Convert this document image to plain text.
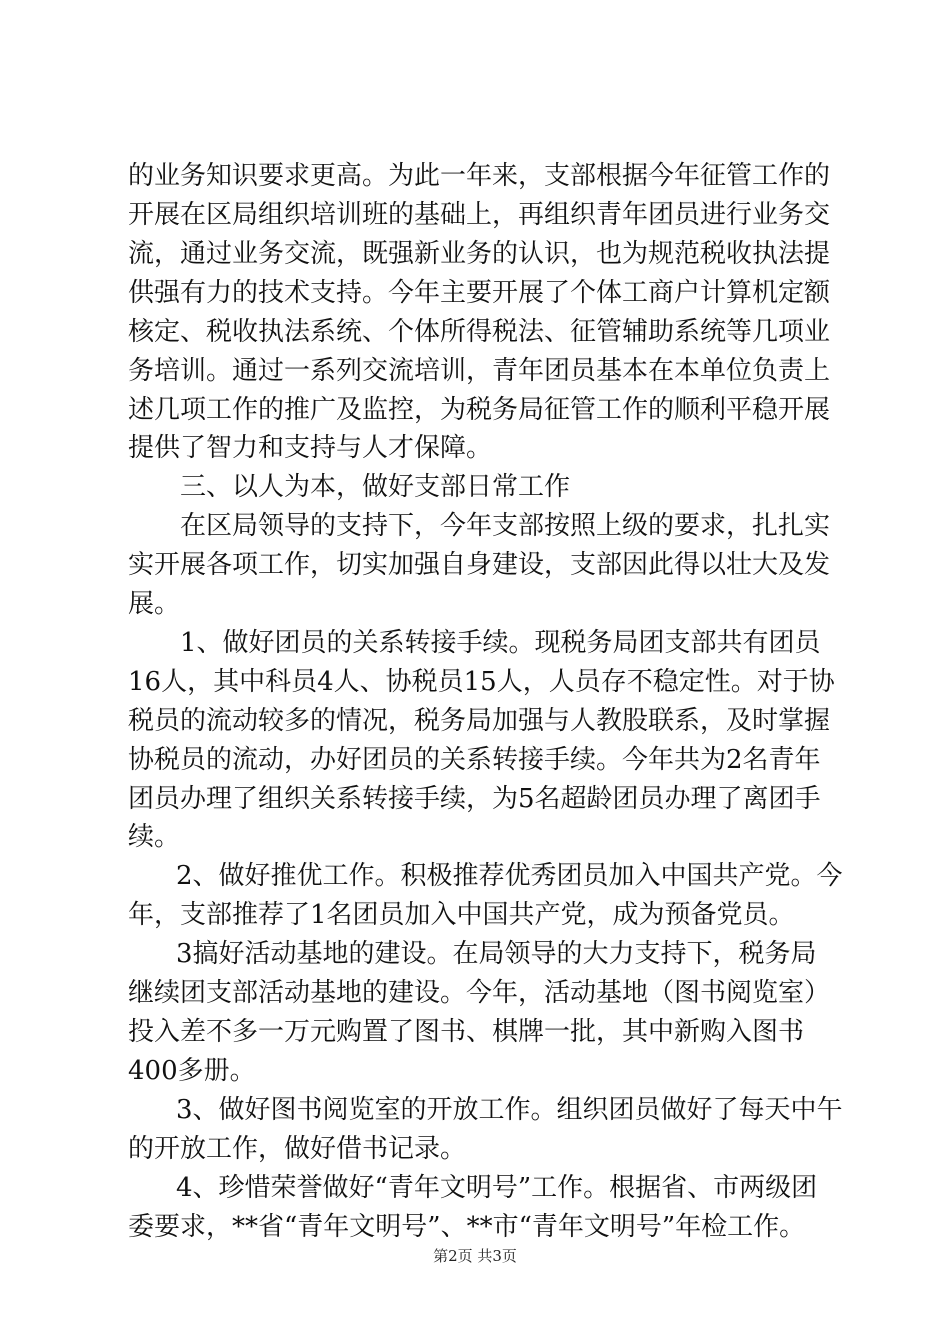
的业务知识要求更高。为此一年来，支部根据今年征管工作的
开展在区局组织培训班的基础上，再组织青年团员进行业务交
流，通过业务交流，既强新业务的认识，也为规范税收执法提
供强有力的技术支持。今年主要开展了个体工商户计算机定额
核定、税收执法系统、个体所得税法、征管辅助系统等几项业
务培训。通过一系列交流培训，青年团员基本在本单位负责上
述几项工作的推广及监控，为税务局征管工作的顺利平稳开展
提供了智力和支持与人才保障。
三、以人为本，做好支部日常工作
在区局领导的支持下，今年支部按照上级的要求，扎扎实
实开展各项工作，切实加强自身建设，支部因此得以壮大及发
展。
1、做好团员的关系转接手续。现税务局团支部共有团员
16人，其中科员4人、协税员15人，人员存不稳定性。对于协
税员的流动较多的情况，税务局加强与人教股联系，及时掌握
协税员的流动，办好团员的关系转接手续。今年共为2名青年
团员办理了组织关系转接手续，为5名超龄团员办理了离团手
续。
2、做好推优工作。积极推荐优秀团员加入中国共产党。今
年，支部推荐了1名团员加入中国共产党，成为预备党员。
3搞好活动基地的建设。在局领导的大力支持下，税务局
继续团支部活动基地的建设。今年，活动基地（图书阅览室）
投入差不多一万元购置了图书、棋牌一批，其中新购入图书
400多册。
3、做好图书阅览室的开放工作。组织团员做好了每天中午
的开放工作，做好借书记录。
4、珍惜荣誉做好“青年文明号”工作。根据省、市两级团
委要求，**省“青年文明号”、**市“青年文明号”年检工作。
第2页 共3页
